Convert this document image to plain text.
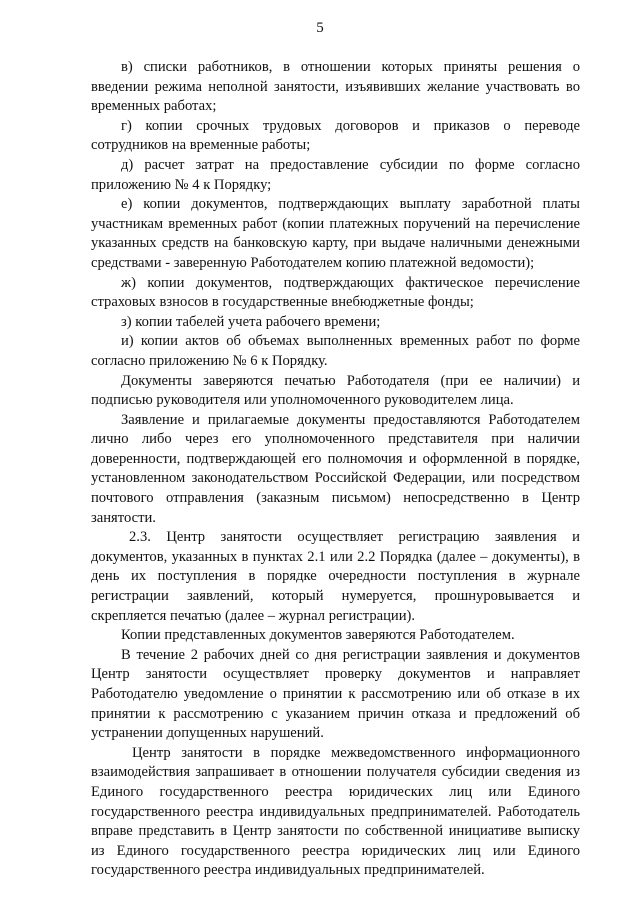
5

в) списки работников, в отношении которых приняты решения о введении режима неполной занятости, изъявивших желание участвовать во временных работах;

г) копии срочных трудовых договоров и приказов о переводе сотрудников на временные работы;

д) расчет затрат на предоставление субсидии по форме согласно приложению № 4 к Порядку;

е) копии документов, подтверждающих выплату заработной платы участникам временных работ (копии платежных поручений на перечисление указанных средств на банковскую карту, при выдаче наличными денежными средствами - заверенную Работодателем копию платежной ведомости);

ж) копии документов, подтверждающих фактическое перечисление страховых взносов в государственные внебюджетные фонды;

з) копии табелей учета рабочего времени;

и) копии актов об объемах выполненных временных работ по форме согласно приложению № 6 к Порядку.

Документы заверяются печатью Работодателя (при ее наличии) и подписью руководителя или уполномоченного руководителем лица.

Заявление и прилагаемые документы предоставляются Работодателем лично либо через его уполномоченного представителя при наличии доверенности, подтверждающей его полномочия и оформленной в порядке, установленном законодательством Российской Федерации, или посредством почтового отправления (заказным письмом) непосредственно в Центр занятости.

2.3. Центр занятости осуществляет регистрацию заявления и документов, указанных в пунктах 2.1 или 2.2 Порядка (далее – документы), в день их поступления в порядке очередности поступления в журнале регистрации заявлений, который нумеруется, прошнуровывается и скрепляется печатью (далее – журнал регистрации).

Копии представленных документов заверяются Работодателем.

В течение 2 рабочих дней со дня регистрации заявления и документов Центр занятости осуществляет проверку документов и направляет Работодателю уведомление о принятии к рассмотрению или об отказе в их принятии к рассмотрению с указанием причин отказа и предложений об устранении допущенных нарушений.

Центр занятости в порядке межведомственного информационного взаимодействия запрашивает в отношении получателя субсидии сведения из Единого государственного реестра юридических лиц или Единого государственного реестра индивидуальных предпринимателей. Работодатель вправе представить в Центр занятости по собственной инициативе выписку из Единого государственного реестра юридических лиц или Единого государственного реестра индивидуальных предпринимателей.
